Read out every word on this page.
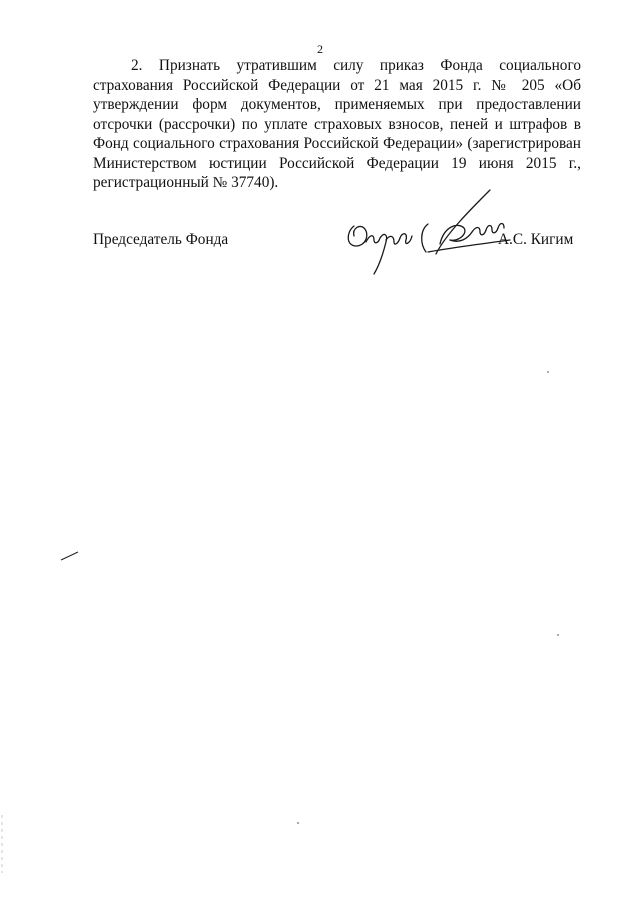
2

2. Признать утратившим силу приказ Фонда социального страхования Российской Федерации от 21 мая 2015 г. № 205 «Об утверждении форм документов, применяемых при предоставлении отсрочки (рассрочки) по уплате страховых взносов, пеней и штрафов в Фонд социального страхования Российской Федерации» (зарегистрирован Министерством юстиции Российской Федерации 19 июня 2015 г., регистрационный № 37740).

Председатель Фонда	А.С. Кигим
